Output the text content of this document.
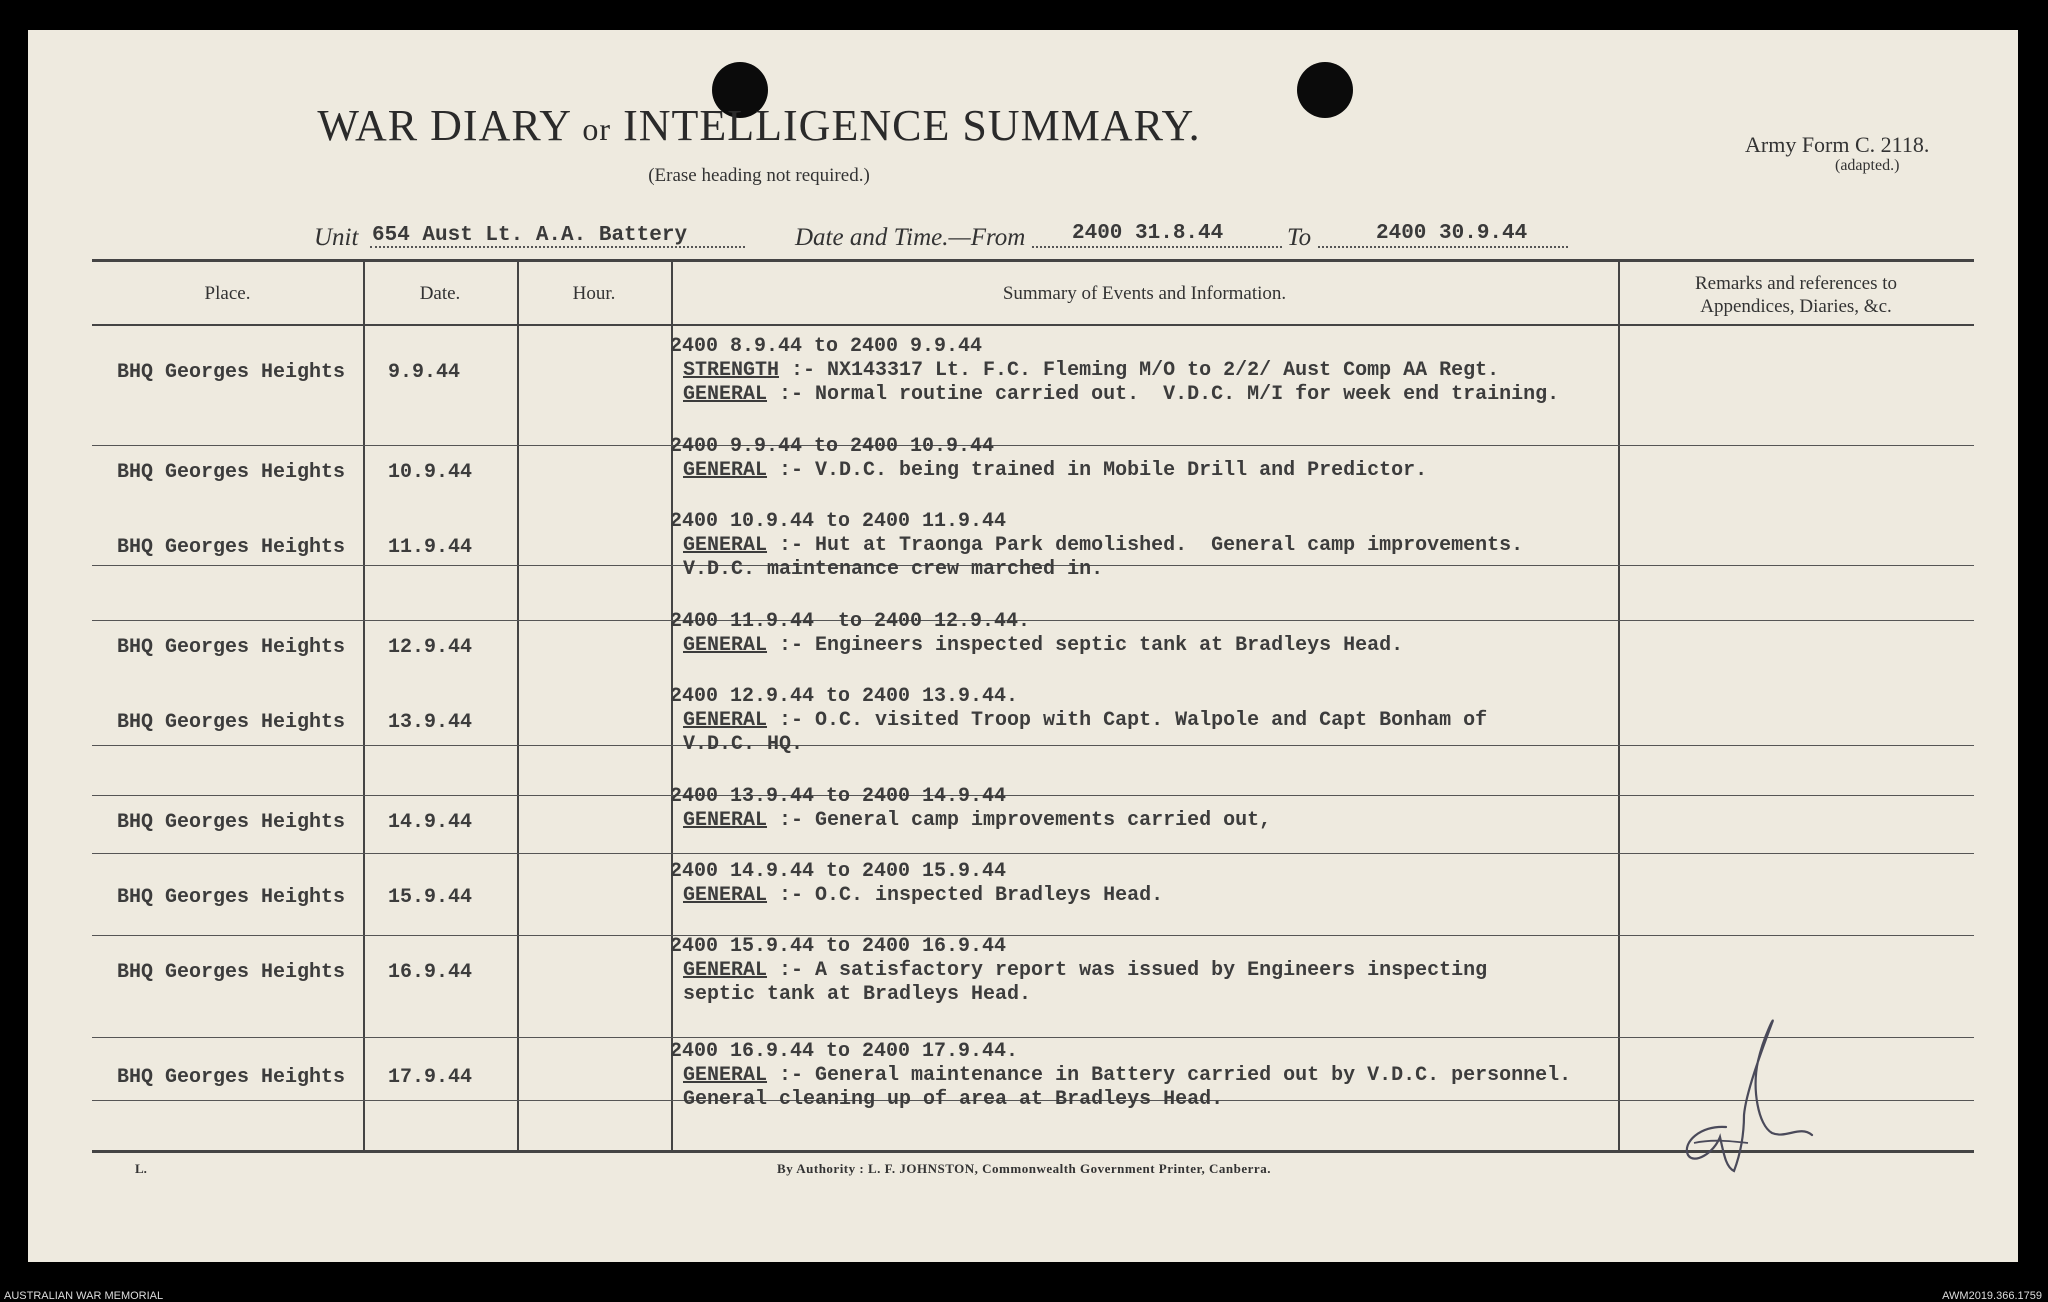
WAR DIARY or INTELLIGENCE SUMMARY.
(Erase heading not required.)
Army Form C. 2118.
(adapted.)
Unit 654 Aust Lt. A.A. Battery	Date and Time.—From 2400 31.8.44	To	2400 30.9.44
Place.	Date.	Hour.	Summary of Events and Information.	Remarks and references to
Appendices, Diaries, &c.
BHQ Georges Heights 9.9.44
2400 8.9.44 to 2400 9.9.44
STRENGTH :- NX143317 Lt. F.C. Fleming M/O to 2/2/ Aust Comp AA Regt.
GENERAL :- Normal routine carried out.  V.D.C. M/I for week end training.
BHQ Georges Heights 10.9.44
2400 9.9.44 to 2400 10.9.44
GENERAL :- V.D.C. being trained in Mobile Drill and Predictor.
BHQ Georges Heights 11.9.44
2400 10.9.44 to 2400 11.9.44
GENERAL :- Hut at Traonga Park demolished.  General camp improvements.
V.D.C. maintenance crew marched in.
BHQ Georges Heights 12.9.44
2400 11.9.44  to 2400 12.9.44.
GENERAL :- Engineers inspected septic tank at Bradleys Head.
BHQ Georges Heights 13.9.44
2400 12.9.44 to 2400 13.9.44.
GENERAL :- O.C. visited Troop with Capt. Walpole and Capt Bonham of
V.D.C. HQ.
BHQ Georges Heights 14.9.44
2400 13.9.44 to 2400 14.9.44
GENERAL :- General camp improvements carried out,
BHQ Georges Heights 15.9.44
2400 14.9.44 to 2400 15.9.44
GENERAL :- O.C. inspected Bradleys Head.
BHQ Georges Heights 16.9.44
2400 15.9.44 to 2400 16.9.44
GENERAL :- A satisfactory report was issued by Engineers inspecting
septic tank at Bradleys Head.
BHQ Georges Heights 17.9.44
2400 16.9.44 to 2400 17.9.44.
GENERAL :- General maintenance in Battery carried out by V.D.C. personnel.
General cleaning up of area at Bradleys Head.
L.	By Authority : L. F. JOHNSTON, Commonwealth Government Printer, Canberra.
AUSTRALIAN WAR MEMORIAL	AWM2019.366.1759
